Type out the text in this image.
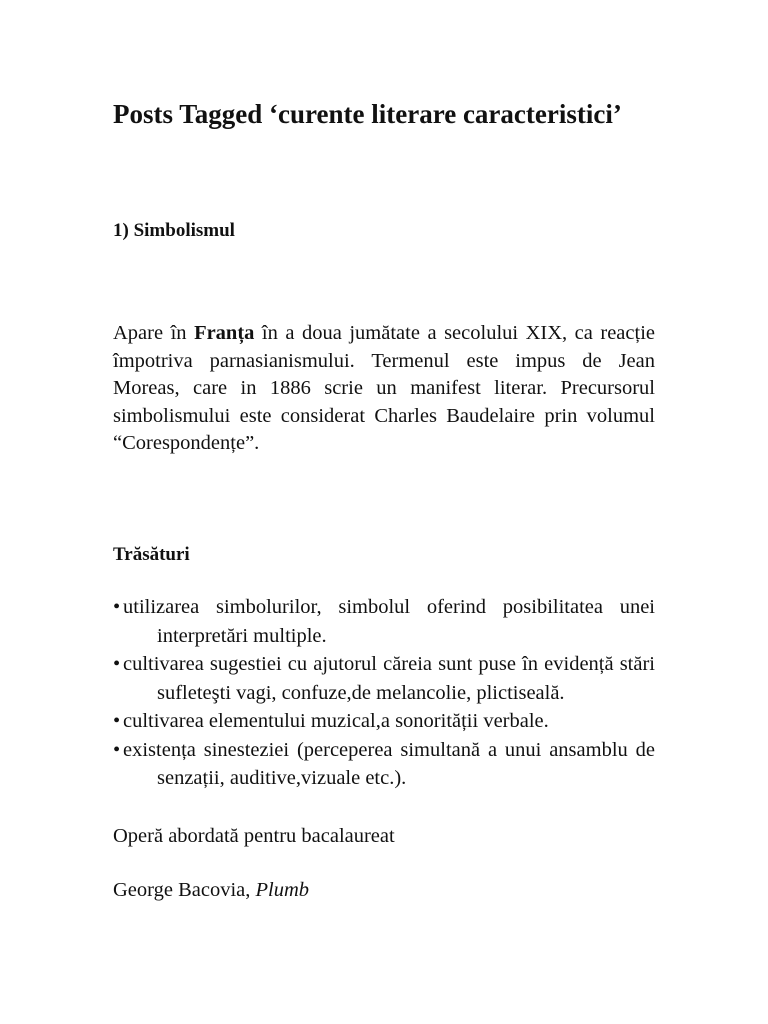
Posts Tagged ‘curente literare caracteristici’
1) Simbolismul

Apare în Franța în a doua jumătate a secolului XIX, ca reacție împotriva parnasianismului. Termenul este impus de Jean Moreas, care in 1886 scrie un manifest literar. Precursorul simbolismului este considerat Charles Baudelaire prin volumul “Corespondențe”.

Trăsături
• utilizarea simbolurilor, simbolul oferind posibilitatea unei interpretări multiple.
• cultivarea sugestiei cu ajutorul căreia sunt puse în evidență stări sufleteşti vagi, confuze,de melancolie, plictiseală.
• cultivarea elementului muzical,a sonorității verbale.
• existența sinesteziei (perceperea simultană a unui ansamblu de senzații, auditive,vizuale etc.).

Operă abordată pentru bacalaureat

George Bacovia, Plumb
